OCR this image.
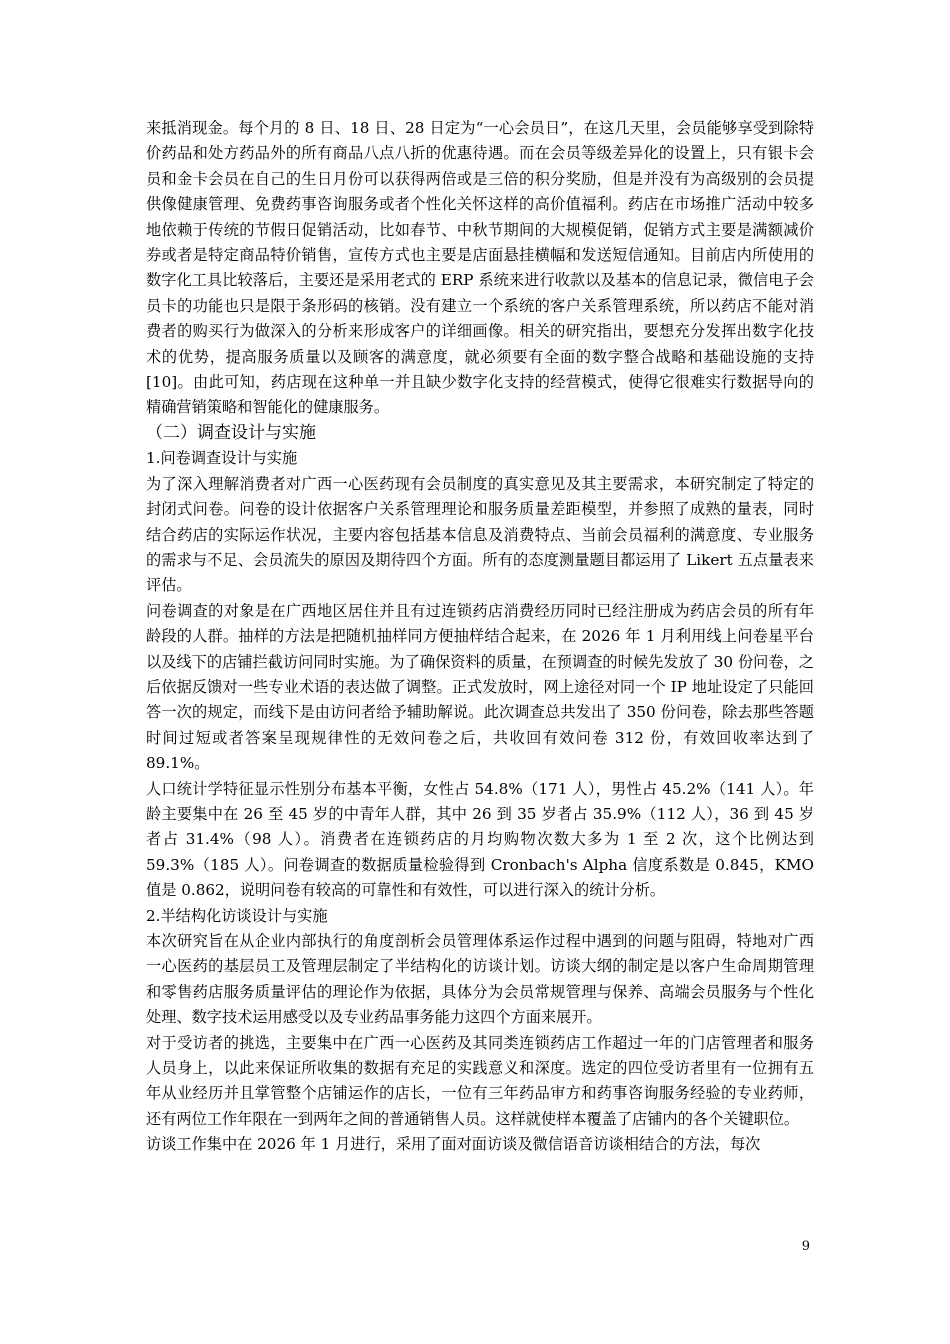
来抵消现金。每个月的 8 日、18 日、28 日定为“一心会员日”，在这几天里，会员能够享受到除特价药品和处方药品外的所有商品八点八折的优惠待遇。而在会员等级差异化的设置上，只有银卡会员和金卡会员在自己的生日月份可以获得两倍或是三倍的积分奖励，但是并没有为高级别的会员提供像健康管理、免费药事咨询服务或者个性化关怀这样的高价值福利。药店在市场推广活动中较多地依赖于传统的节假日促销活动，比如春节、中秋节期间的大规模促销，促销方式主要是满额减价券或者是特定商品特价销售，宣传方式也主要是店面悬挂横幅和发送短信通知。目前店内所使用的数字化工具比较落后，主要还是采用老式的 ERP 系统来进行收款以及基本的信息记录，微信电子会员卡的功能也只是限于条形码的核销。没有建立一个系统的客户关系管理系统，所以药店不能对消费者的购买行为做深入的分析来形成客户的详细画像。相关的研究指出，要想充分发挥出数字化技术的优势，提高服务质量以及顾客的满意度，就必须要有全面的数字整合战略和基础设施的支持[10]。由此可知，药店现在这种单一并且缺少数字化支持的经营模式，使得它很难实行数据导向的精确营销策略和智能化的健康服务。

（二）调查设计与实施

1.问卷调查设计与实施

为了深入理解消费者对广西一心医药现有会员制度的真实意见及其主要需求，本研究制定了特定的封闭式问卷。问卷的设计依据客户关系管理理论和服务质量差距模型，并参照了成熟的量表，同时结合药店的实际运作状况，主要内容包括基本信息及消费特点、当前会员福利的满意度、专业服务的需求与不足、会员流失的原因及期待四个方面。所有的态度测量题目都运用了 Likert 五点量表来评估。

问卷调查的对象是在广西地区居住并且有过连锁药店消费经历同时已经注册成为药店会员的所有年龄段的人群。抽样的方法是把随机抽样同方便抽样结合起来，在 2026 年 1 月利用线上问卷星平台以及线下的店铺拦截访问同时实施。为了确保资料的质量，在预调查的时候先发放了 30 份问卷，之后依据反馈对一些专业术语的表达做了调整。正式发放时，网上途径对同一个 IP 地址设定了只能回答一次的规定，而线下是由访问者给予辅助解说。此次调查总共发出了 350 份问卷，除去那些答题时间过短或者答案呈现规律性的无效问卷之后，共收回有效问卷 312 份，有效回收率达到了 89.1%。

人口统计学特征显示性别分布基本平衡，女性占 54.8%（171 人），男性占 45.2%（141 人）。年龄主要集中在 26 至 45 岁的中青年人群，其中 26 到 35 岁者占 35.9%（112 人），36 到 45 岁者占 31.4%（98 人）。消费者在连锁药店的月均购物次数大多为 1 至 2 次，这个比例达到 59.3%（185 人）。问卷调查的数据质量检验得到 Cronbach's Alpha 信度系数是 0.845，KMO 值是 0.862，说明问卷有较高的可靠性和有效性，可以进行深入的统计分析。

2.半结构化访谈设计与实施

本次研究旨在从企业内部执行的角度剖析会员管理体系运作过程中遇到的问题与阻碍，特地对广西一心医药的基层员工及管理层制定了半结构化的访谈计划。访谈大纲的制定是以客户生命周期管理和零售药店服务质量评估的理论作为依据，具体分为会员常规管理与保养、高端会员服务与个性化处理、数字技术运用感受以及专业药品事务能力这四个方面来展开。

对于受访者的挑选，主要集中在广西一心医药及其同类连锁药店工作超过一年的门店管理者和服务人员身上，以此来保证所收集的数据有充足的实践意义和深度。选定的四位受访者里有一位拥有五年从业经历并且掌管整个店铺运作的店长，一位有三年药品审方和药事咨询服务经验的专业药师，还有两位工作年限在一到两年之间的普通销售人员。这样就使样本覆盖了店铺内的各个关键职位。

访谈工作集中在 2026 年 1 月进行，采用了面对面访谈及微信语音访谈相结合的方法，每次

9
